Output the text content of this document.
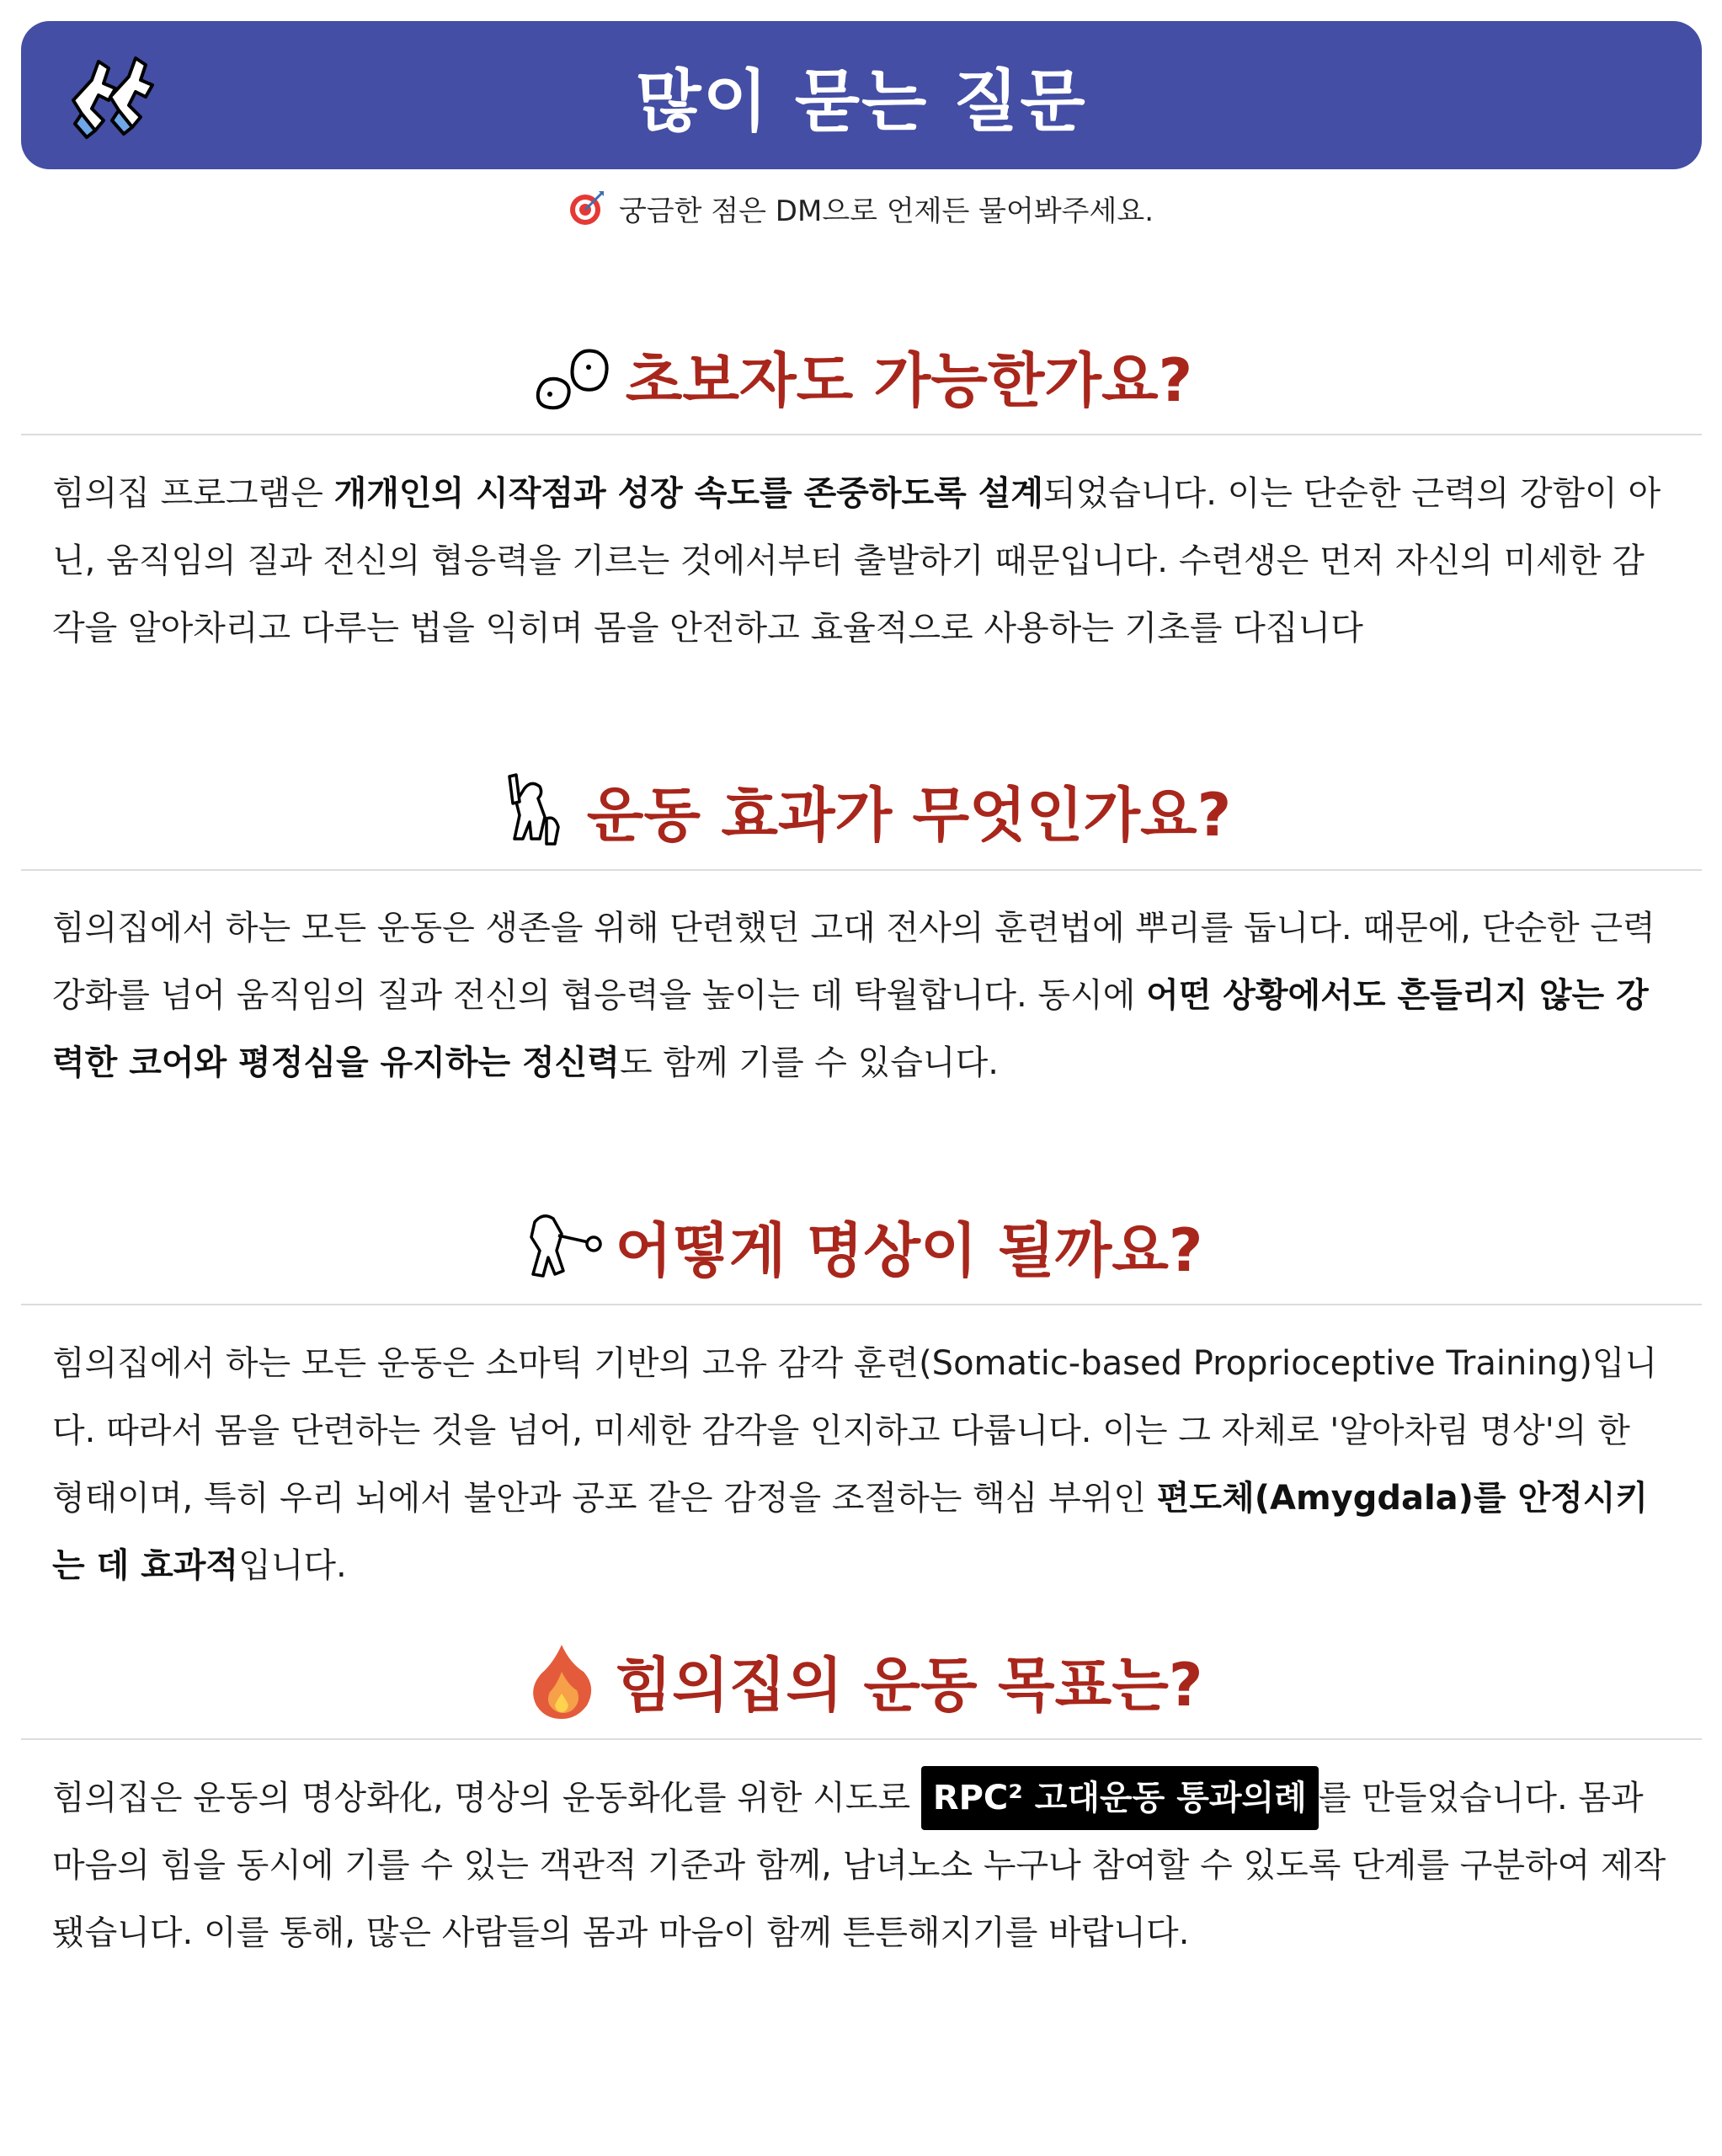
많이 묻는 질문
궁금한 점은 DM으로 언제든 물어봐주세요.
초보자도 가능한가요?
힘의집 프로그램은 개개인의 시작점과 성장 속도를 존중하도록 설계되었습니다. 이는 단순한 근력의 강함이 아닌, 움직임의 질과 전신의 협응력을 기르는 것에서부터 출발하기 때문입니다. 수련생은 먼저 자신의 미세한 감각을 알아차리고 다루는 법을 익히며 몸을 안전하고 효율적으로 사용하는 기초를 다집니다
운동 효과가 무엇인가요?
힘의집에서 하는 모든 운동은 생존을 위해 단련했던 고대 전사의 훈련법에 뿌리를 둡니다. 때문에, 단순한 근력 강화를 넘어 움직임의 질과 전신의 협응력을 높이는 데 탁월합니다. 동시에 어떤 상황에서도 흔들리지 않는 강력한 코어와 평정심을 유지하는 정신력도 함께 기를 수 있습니다.
어떻게 명상이 될까요?
힘의집에서 하는 모든 운동은 소마틱 기반의 고유 감각 훈련(Somatic-based Proprioceptive Training)입니다. 따라서 몸을 단련하는 것을 넘어, 미세한 감각을 인지하고 다룹니다. 이는 그 자체로 '알아차림 명상'의 한 형태이며, 특히 우리 뇌에서 불안과 공포 같은 감정을 조절하는 핵심 부위인 편도체(Amygdala)를 안정시키는 데 효과적입니다.
힘의집의 운동 목표는?
힘의집은 운동의 명상화化, 명상의 운동화化를 위한 시도로 RPC² 고대운동 통과의례 를 만들었습니다. 몸과 마음의 힘을 동시에 기를 수 있는 객관적 기준과 함께, 남녀노소 누구나 참여할 수 있도록 단계를 구분하여 제작됐습니다. 이를 통해, 많은 사람들의 몸과 마음이 함께 튼튼해지기를 바랍니다.
